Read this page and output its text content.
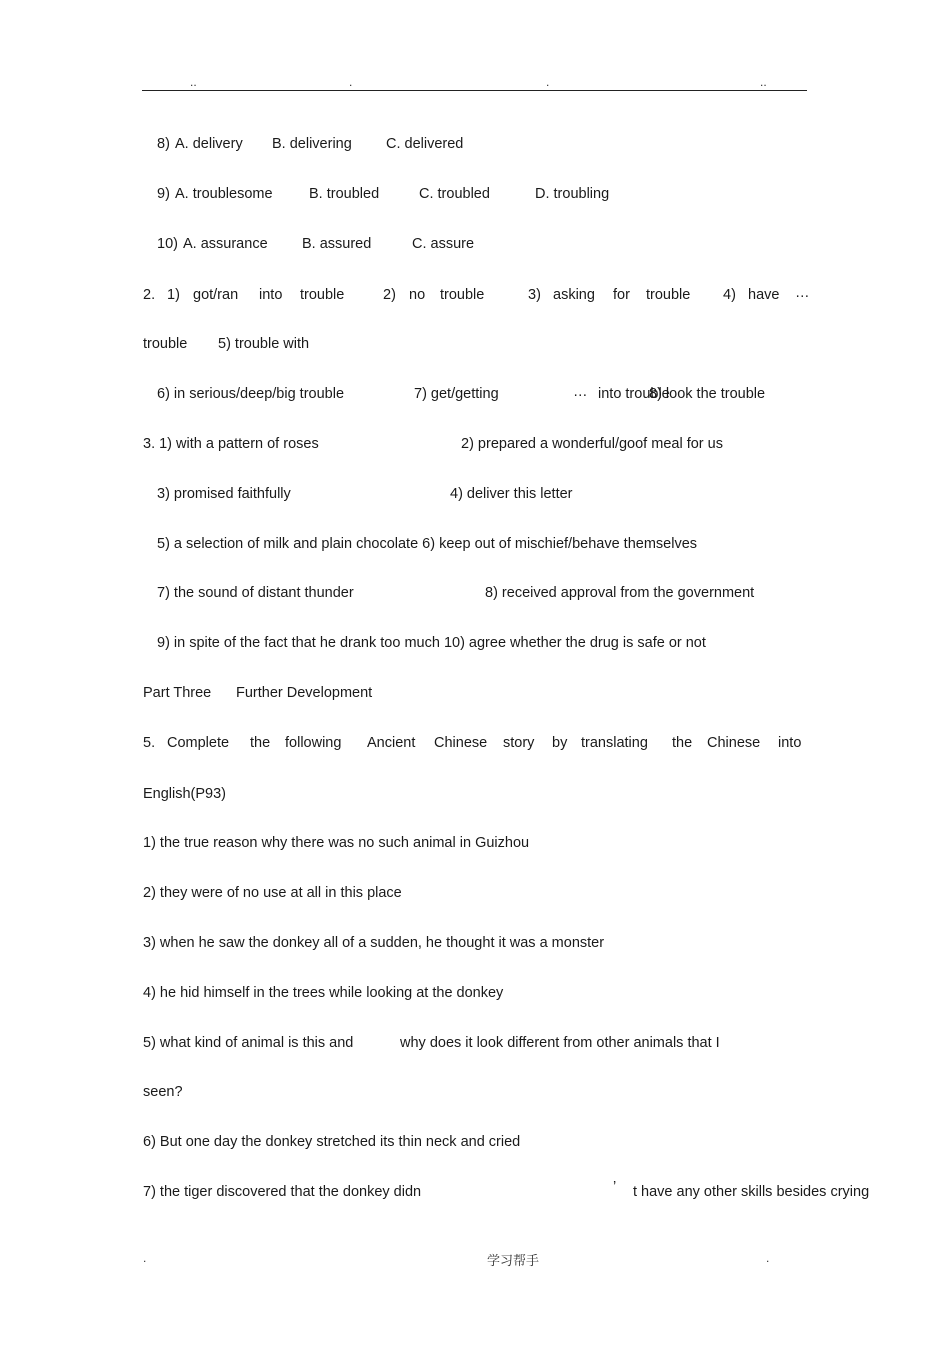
..	.	.	..
8) A. delivery B. delivering C. delivered
9) A. troublesome	B. troubled	C. troubled	D. troubling
10) A. assurance B. assured	C. assure
2. 1) got/ran into trouble	2) no trouble	3) asking for trouble 4) have …
trouble 5) trouble with
6) in serious/deep/big trouble	7) get/getting	… into trouble
8) look the trouble
3. 1) with a pattern of roses	2) prepared a wonderful/goof meal for us
3) promised faithfully	4) deliver this letter
5) a selection of milk and plain chocolate 6) keep out of mischief/behave themselves
7) the sound of distant thunder	8) received approval from the government
9) in spite of the fact that he drank too much 10) agree whether the drug is safe or not
Part Three Further Development
5. Complete the following Ancient Chinese story by translating the Chinese into
English(P93)
1) the true reason why there was no such animal in Guizhou
2) they were of no use at all in this place
3) when he saw the donkey all of a sudden, he thought it was a monster
4) he hid himself in the trees while looking at the donkey
5) what kind of animal is this and	why does it look different from other animals that I
seen?
6) But one day the donkey stretched its thin neck and cried
7) the tiger discovered that the donkey didn	’ t have any other skills besides crying
.	学习帮手	.
